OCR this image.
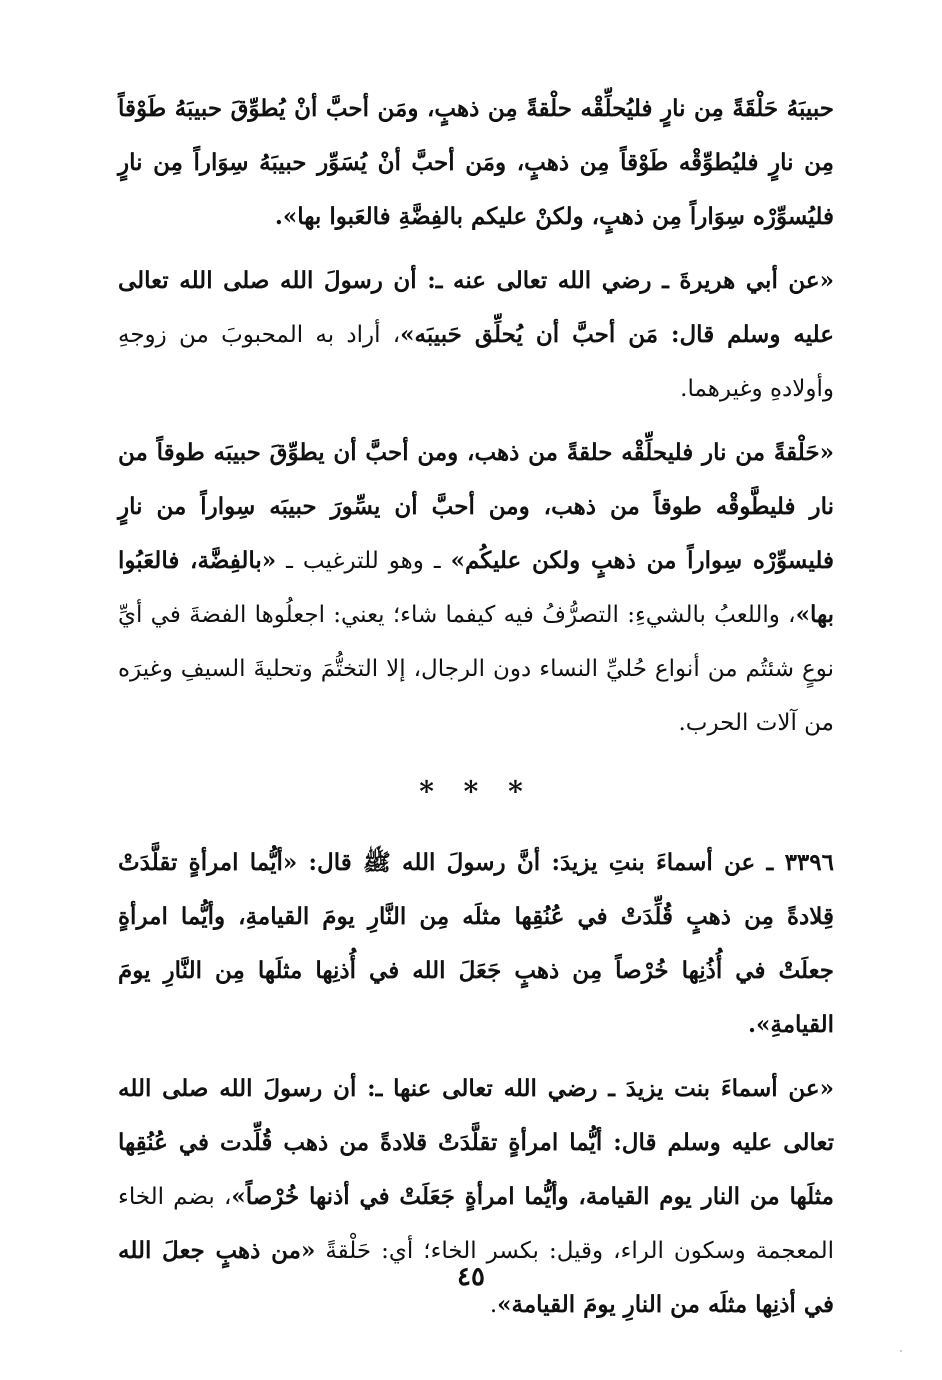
حبيبَهُ حَلْقَةً مِن نارٍ فليُحلِّقْه حلْقةً مِن ذهبٍ، ومَن أحبَّ أنْ يُطوِّقَ حبيبَهُ طَوْقاً مِن نارٍ فليُطوِّقْه طَوْقاً مِن ذهبٍ، ومَن أحبَّ أنْ يُسَوِّر حبيبَهُ سِوَاراً مِن نارٍ فليُسوِّرْه سِوَاراً مِن ذهبٍ، ولكنْ عليكم بالفِضَّةِ فالعَبوا بها».

«عن أبي هريرةَ ـ رضي الله تعالى عنه ـ: أن رسولَ الله صلى الله تعالى عليه وسلم قال: مَن أحبَّ أن يُحلِّق حَبيبَه»، أراد به المحبوبَ من زوجهِ وأولادهِ وغيرهما.

«حَلْقةً من نار فليحلِّقْه حلقةً من ذهب، ومن أحبَّ أن يطوِّقَ حبيبَه طوقاً من نار فليطَّوقْه طوقاً من ذهب، ومن أحبَّ أن يسِّورَ حبيبَه سِواراً من نارٍ فليسوِّرْه سِواراً من ذهبٍ ولكن عليكُم» ـ وهو للترغيب ـ «بالفِضَّة، فالعَبُوا بها»، واللعبُ بالشيءِ: التصرُّفُ فيه كيفما شاء؛ يعني: اجعلُوها الفضةَ في أيِّ نوعٍ شئتُم من أنواع حُليِّ النساء دون الرجال، إلا التختُّمَ وتحليةَ السيفِ وغيرَه من آلات الحرب.

* * *

٣٣٩٦ ـ عن أسماءَ بنتِ يزيدَ: أنَّ رسولَ الله ﷺ قال: «أيُّما امرأةٍ تقلَّدَتْ قِلادةً مِن ذهبٍ قُلِّدَتْ في عُنُقِها مثلَه مِن النَّارِ يومَ القيامةِ، وأيُّما امرأةٍ جعلَتْ في أُذُنِها خُرْصاً مِن ذهبٍ جَعَلَ الله في أُذنِها مثلَها مِن النَّارِ يومَ القيامةِ».

«عن أسماءَ بنت يزيدَ ـ رضي الله تعالى عنها ـ: أن رسولَ الله صلى الله تعالى عليه وسلم قال: أيُّما امرأةٍ تقلَّدَتْ قلادةً من ذهب قُلِّدت في عُنُقِها مثلَها من النار يوم القيامة، وأيُّما امرأةٍ جَعَلَتْ في أذنها خُرْصاً»، بضم الخاء المعجمة وسكون الراء، وقيل: بكسر الخاء؛ أي: حَلْقةً «من ذهبٍ جعلَ الله في أذنِها مثلَه من النارِ يومَ القيامة».

٤٥
